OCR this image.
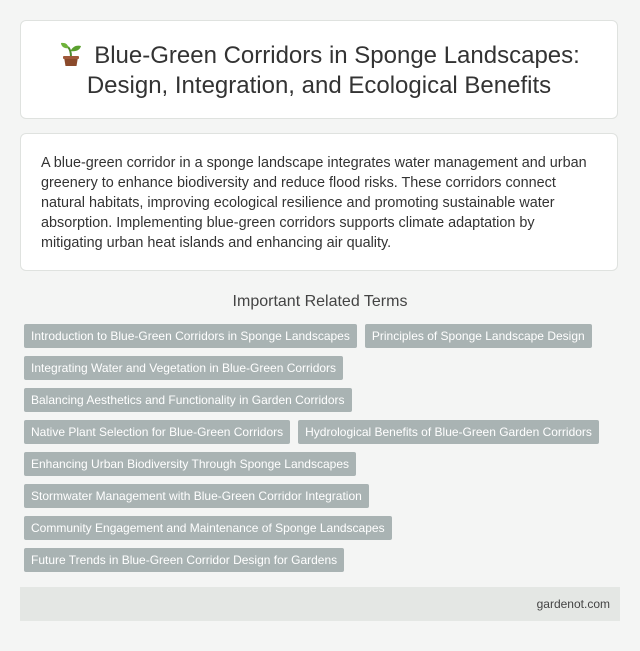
Blue-Green Corridors in Sponge Landscapes: Design, Integration, and Ecological Benefits

A blue-green corridor in a sponge landscape integrates water management and urban greenery to enhance biodiversity and reduce flood risks. These corridors connect natural habitats, improving ecological resilience and promoting sustainable water absorption. Implementing blue-green corridors supports climate adaptation by mitigating urban heat islands and enhancing air quality.

Important Related Terms
Introduction to Blue-Green Corridors in Sponge Landscapes	Principles of Sponge Landscape Design
Integrating Water and Vegetation in Blue-Green Corridors
Balancing Aesthetics and Functionality in Garden Corridors
Native Plant Selection for Blue-Green Corridors	Hydrological Benefits of Blue-Green Garden Corridors
Enhancing Urban Biodiversity Through Sponge Landscapes
Stormwater Management with Blue-Green Corridor Integration
Community Engagement and Maintenance of Sponge Landscapes
Future Trends in Blue-Green Corridor Design for Gardens
gardenot.com
